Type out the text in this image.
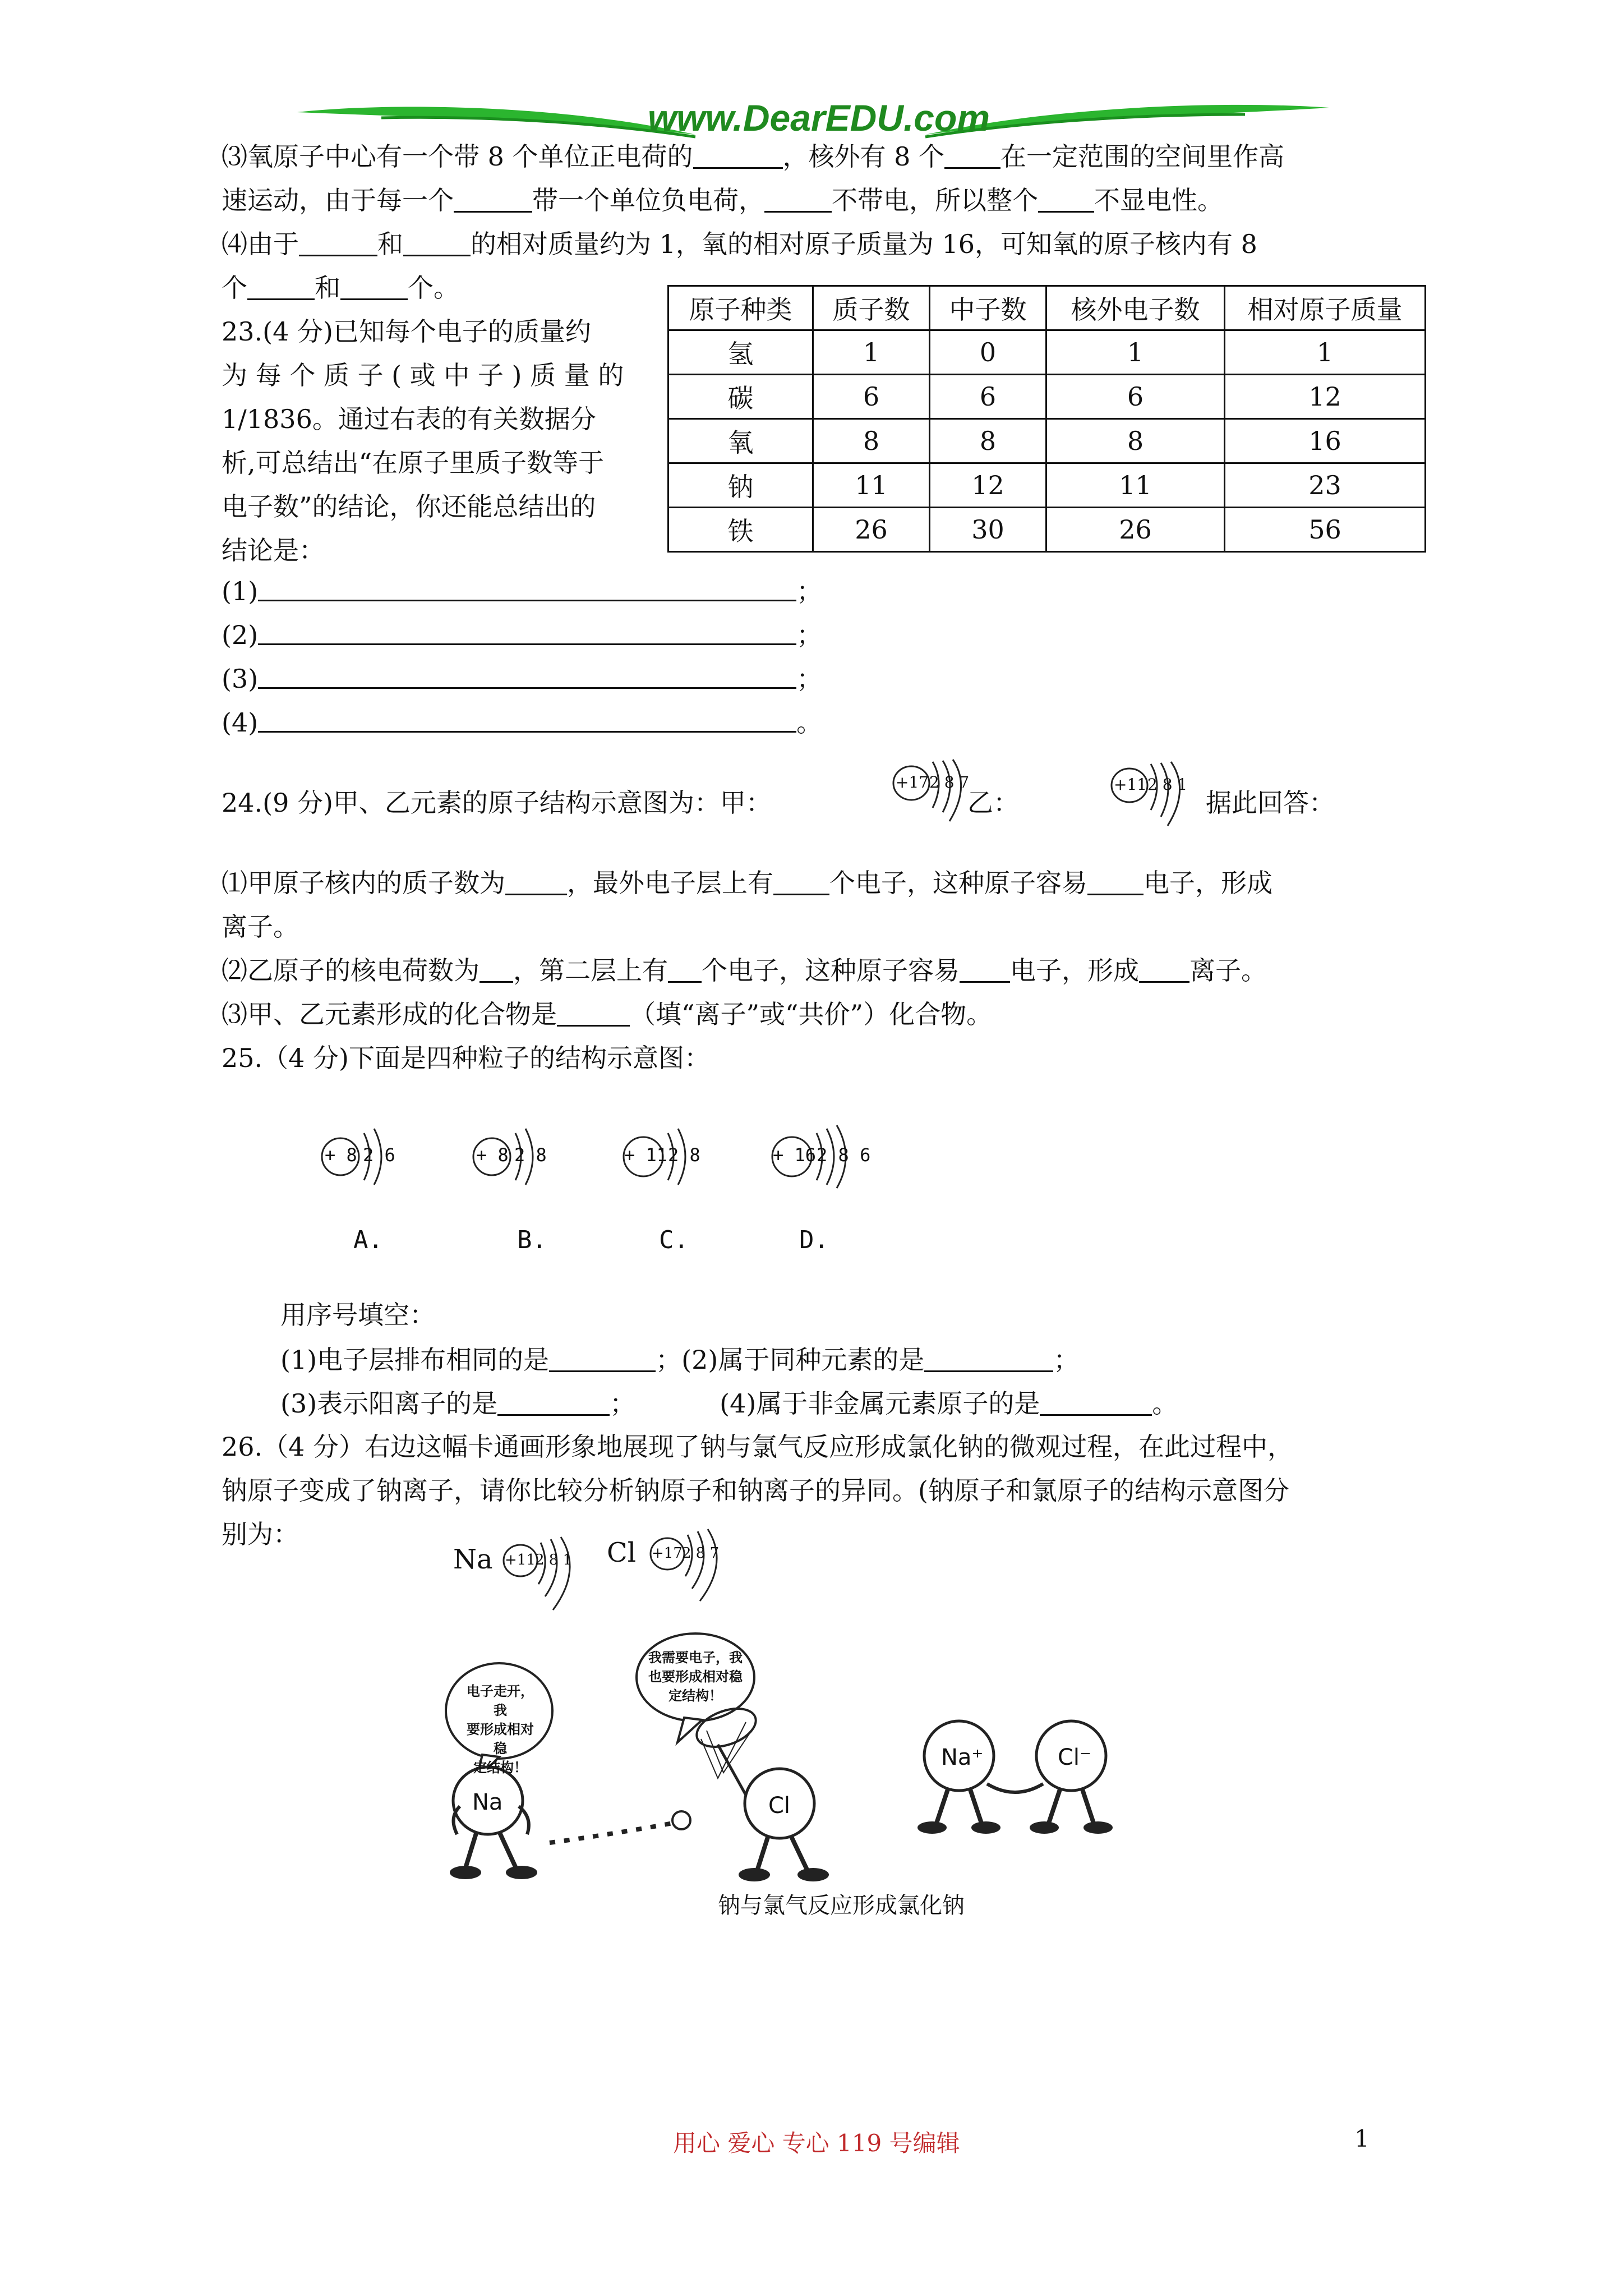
www.DearEDU.com
⑶氧原子中心有一个带 8 个单位正电荷的	，核外有 8 个 在一定范围的空间里作高
速运动，由于每一个	带一个单位负电荷，	不带电，所以整个 不显电性。
⑷由于	和	的相对质量约为 1，氧的相对原子质量为 16，可知氧的原子核内有 8
个	和	个。
23.(4 分)已知每个电子的质量约
为 每 个 质 子 ( 或 中 子 ) 质 量 的
1/1836。通过右表的有关数据分
析,可总结出“在原子里质子数等于
电子数”的结论，你还能总结出的
结论是：
原子种类	质子数	中子数	核外电子数	相对原子质量
氢	1	0	1	1
碳	6	6	6	12
氧	8	8	8	16
钠	11	12	11	23
铁	26	30	26	56
(1)	；
(2)	；
(3)	；
(4)	。
24.(9 分)甲、乙元素的原子结构示意图为：甲：
+17 2 8 7
乙：
+11 2 8 1
据此回答：
⑴甲原子核内的质子数为 ，最外电子层上有 个电子，这种原子容易 电子，形成
离子。
⑵乙原子的核电荷数为 ，第二层上有 个电子，这种原子容易 电子，形成 离子。
⑶甲、乙元素形成的化合物是	（填“离子”或“共价”）化合物。
25.（4 分)下面是四种粒子的结构示意图：
+ 8 2 6	+ 8 2 8	+ 11 2 8	+ 16 2 8 6
A.	B.	C.	D.
用序号填空：
(1)电子层排布相同的是	；(2)属于同种元素的是	；
(3)表示阳离子的是	；	(4)属于非金属元素原子的是	。
26.（4 分）右边这幅卡通画形象地展现了钠与氯气反应形成氯化钠的微观过程，在此过程中，
钠原子变成了钠离子，请你比较分析钠原子和钠离子的异同。(钠原子和氯原子的结构示意图分
别为：
Na +11 2 8 1 Cl +17 2 8 7
电子走开，我
要形成相对稳
定结构！
我需要电子，我
也要形成相对稳
定结构！
Na	Cl
Na⁺	Cl⁻
钠与氯气反应形成氯化钠
用心 爱心 专心 119 号编辑	1
